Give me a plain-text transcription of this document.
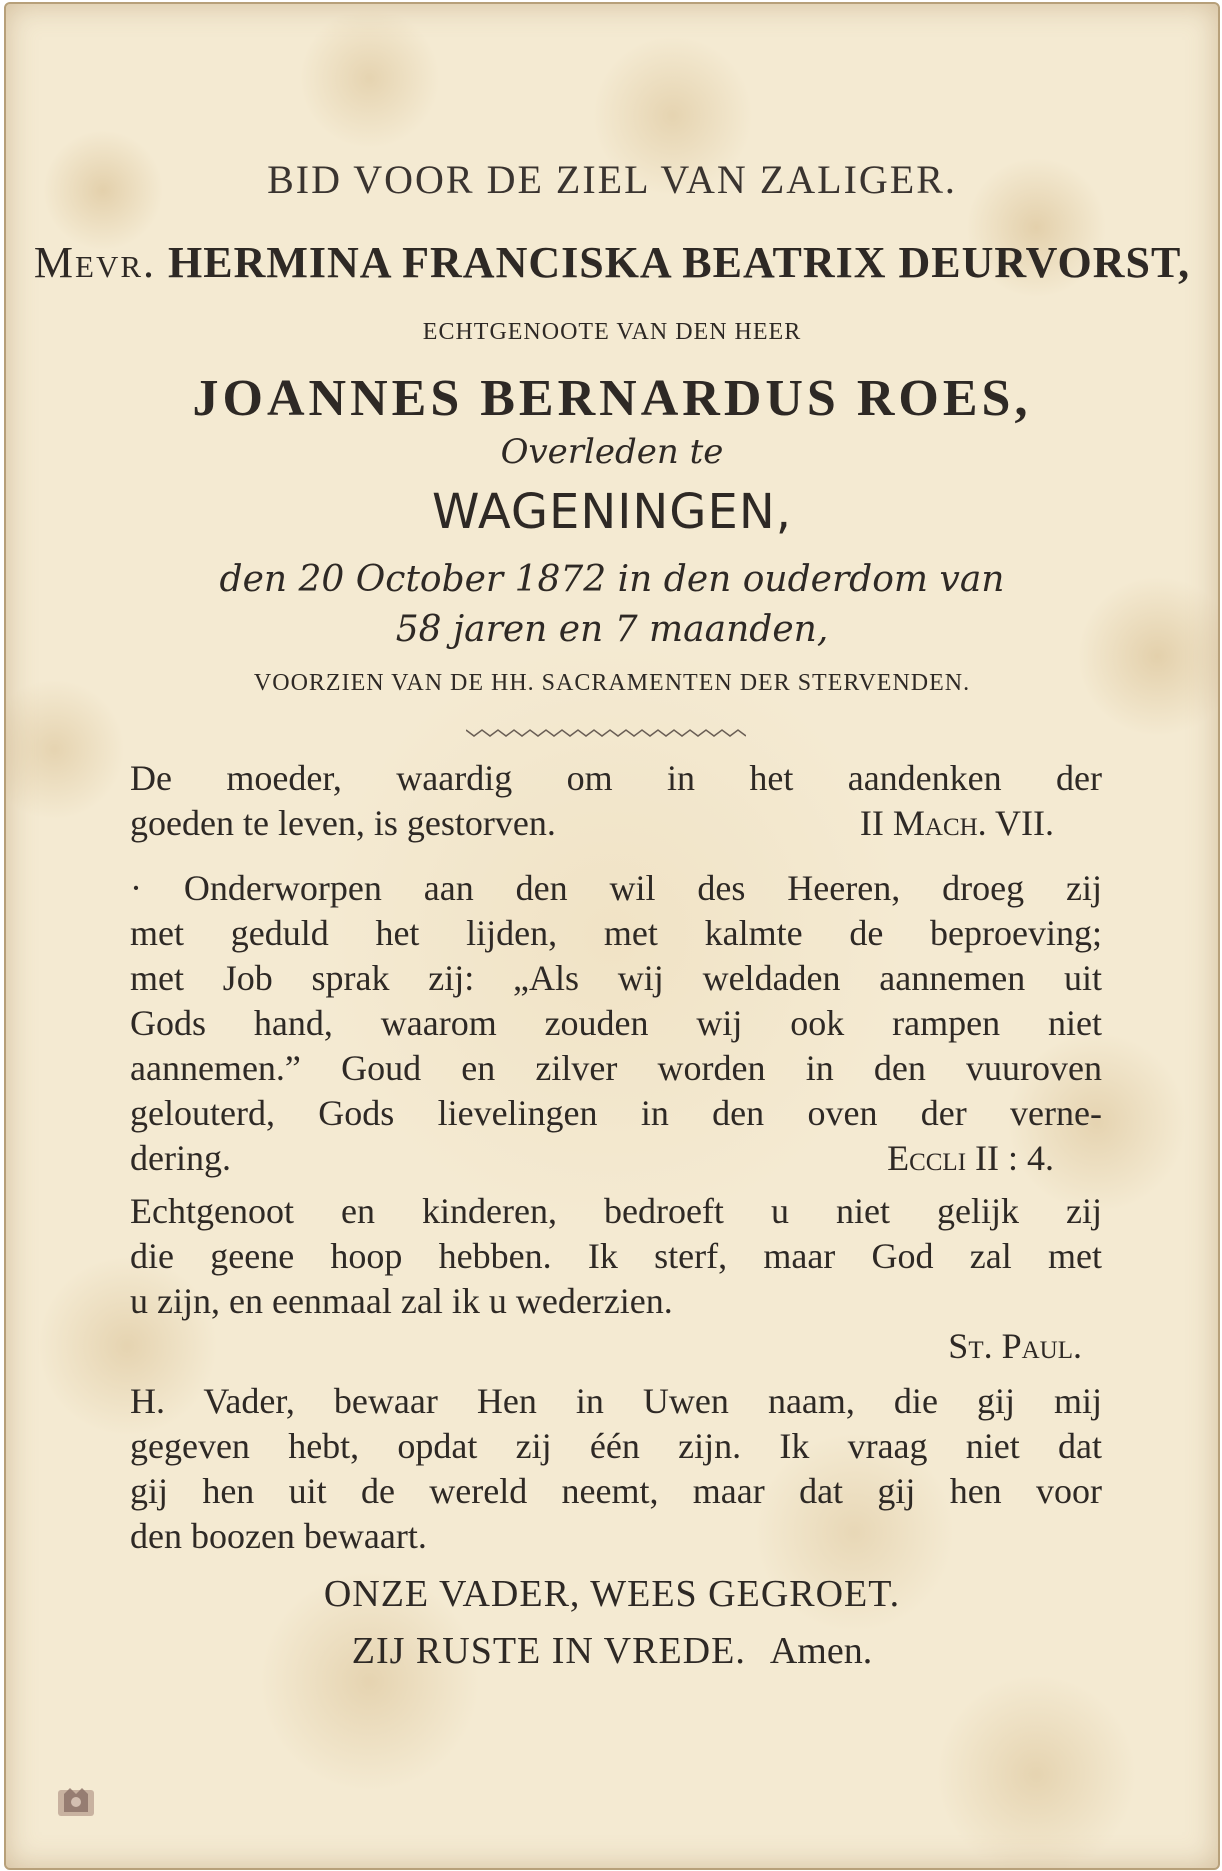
BID VOOR DE ZIEL VAN ZALIGER.
Mevr. HERMINA FRANCISKA BEATRIX DEURVORST,
ECHTGENOOTE VAN DEN HEER
JOANNES BERNARDUS ROES,
Overleden te
WAGENINGEN,
den 20 October 1872 in den ouderdom van
58 jaren en 7 maanden,
VOORZIEN VAN DE HH. SACRAMENTEN DER STERVENDEN.
De moeder, waardig om in het aandenken der
goeden te leven, is gestorven.	II Mach. VII.
· Onderworpen aan den wil des Heeren, droeg zij
met geduld het lijden, met kalmte de beproeving;
met Job sprak zij: „Als wij weldaden aannemen uit
Gods hand, waarom zouden wij ook rampen niet
aannemen.” Goud en zilver worden in den vuuroven
gelouterd, Gods lievelingen in den oven der verne-
dering.	Eccli II : 4.
Echtgenoot en kinderen, bedroeft u niet gelijk zij
die geene hoop hebben. Ik sterf, maar God zal met
u zijn, en eenmaal zal ik u wederzien.
St. Paul.
H. Vader, bewaar Hen in Uwen naam, die gij mij
gegeven hebt, opdat zij één zijn. Ik vraag niet dat
gij hen uit de wereld neemt, maar dat gij hen voor
den boozen bewaart.
ONZE VADER, WEES GEGROET.
ZIJ RUSTE IN VREDE. Amen.
